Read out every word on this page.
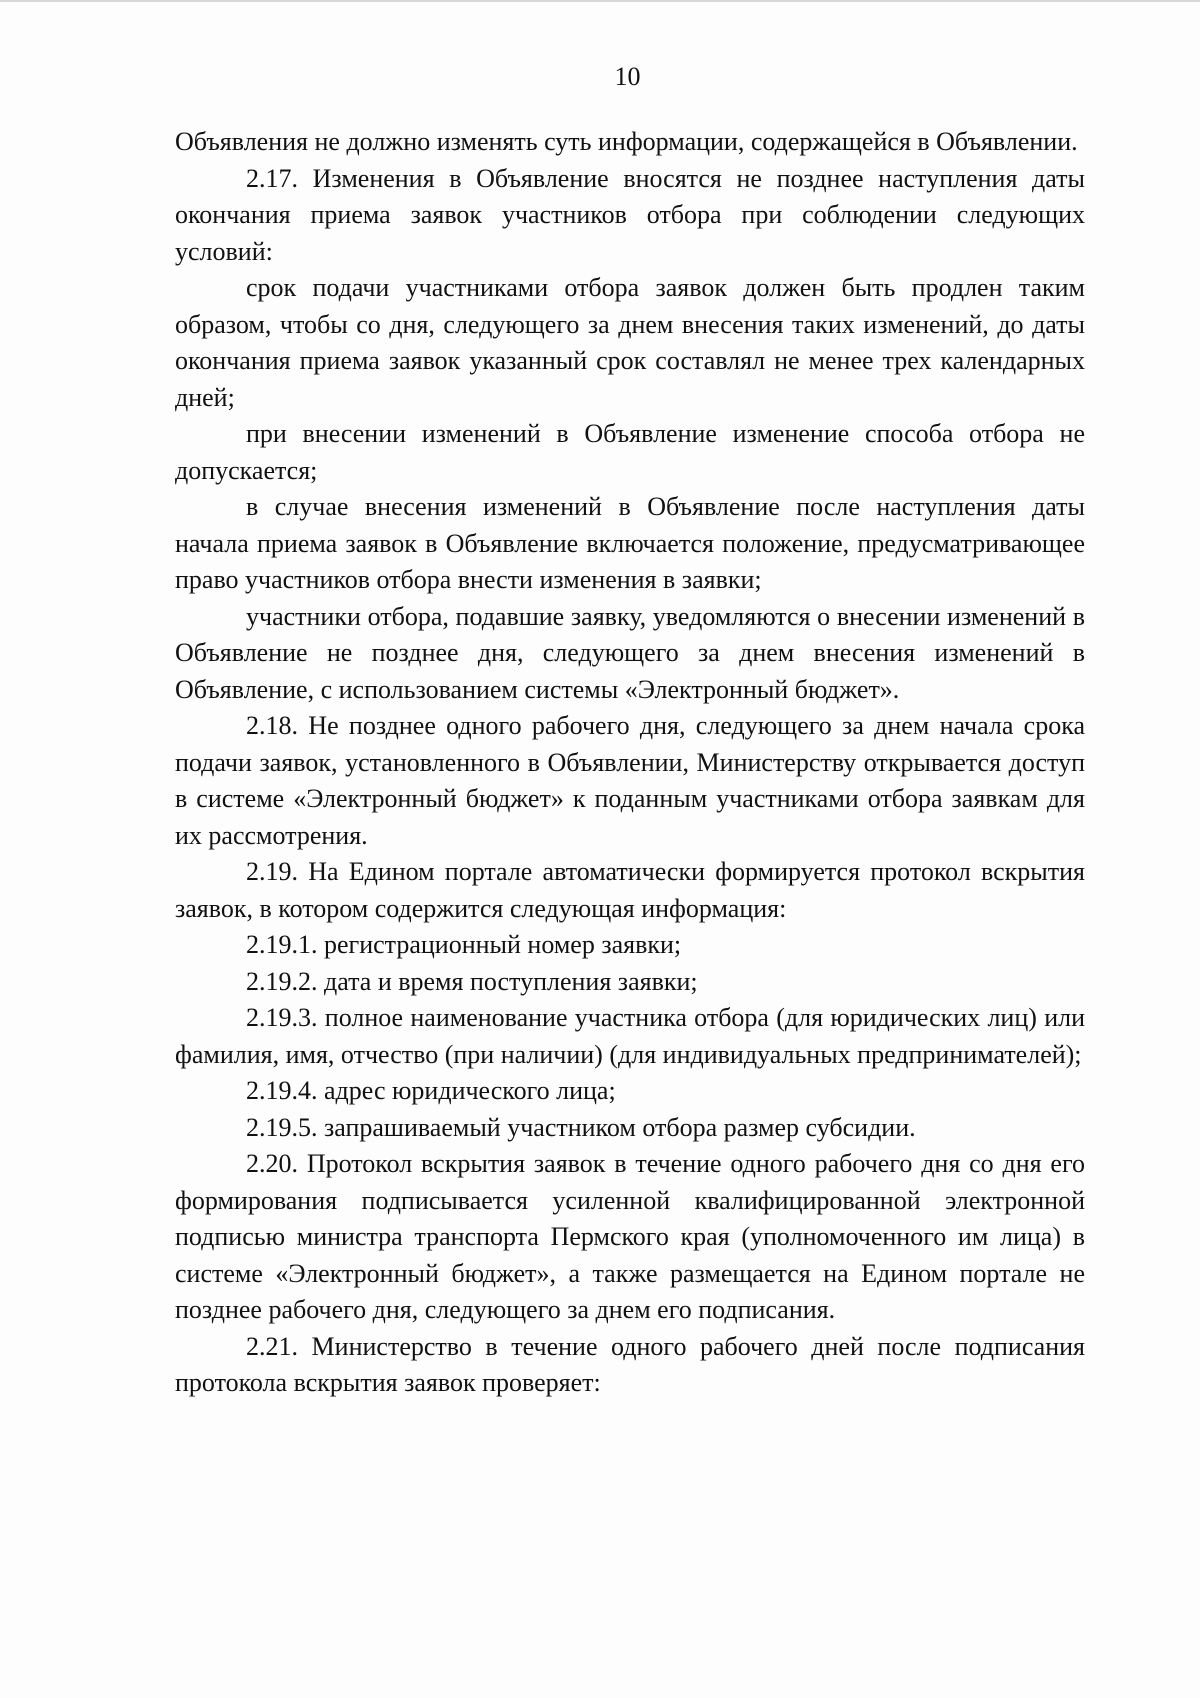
10

Объявления не должно изменять суть информации, содержащейся в Объявлении.

2.17. Изменения в Объявление вносятся не позднее наступления даты окончания приема заявок участников отбора при соблюдении следующих условий:

срок подачи участниками отбора заявок должен быть продлен таким образом, чтобы со дня, следующего за днем внесения таких изменений, до даты окончания приема заявок указанный срок составлял не менее трех календарных дней;

при внесении изменений в Объявление изменение способа отбора не допускается;

в случае внесения изменений в Объявление после наступления даты начала приема заявок в Объявление включается положение, предусматривающее право участников отбора внести изменения в заявки;

участники отбора, подавшие заявку, уведомляются о внесении изменений в Объявление не позднее дня, следующего за днем внесения изменений в Объявление, с использованием системы «Электронный бюджет».

2.18. Не позднее одного рабочего дня, следующего за днем начала срока подачи заявок, установленного в Объявлении, Министерству открывается доступ в системе «Электронный бюджет» к поданным участниками отбора заявкам для их рассмотрения.

2.19. На Едином портале автоматически формируется протокол вскрытия заявок, в котором содержится следующая информация:

2.19.1. регистрационный номер заявки;

2.19.2. дата и время поступления заявки;

2.19.3. полное наименование участника отбора (для юридических лиц) или фамилия, имя, отчество (при наличии) (для индивидуальных предпринимателей);

2.19.4. адрес юридического лица;

2.19.5. запрашиваемый участником отбора размер субсидии.

2.20. Протокол вскрытия заявок в течение одного рабочего дня со дня его формирования подписывается усиленной квалифицированной электронной подписью министра транспорта Пермского края (уполномоченного им лица) в системе «Электронный бюджет», а также размещается на Едином портале не позднее рабочего дня, следующего за днем его подписания.

2.21. Министерство в течение одного рабочего дней после подписания протокола вскрытия заявок проверяет:
